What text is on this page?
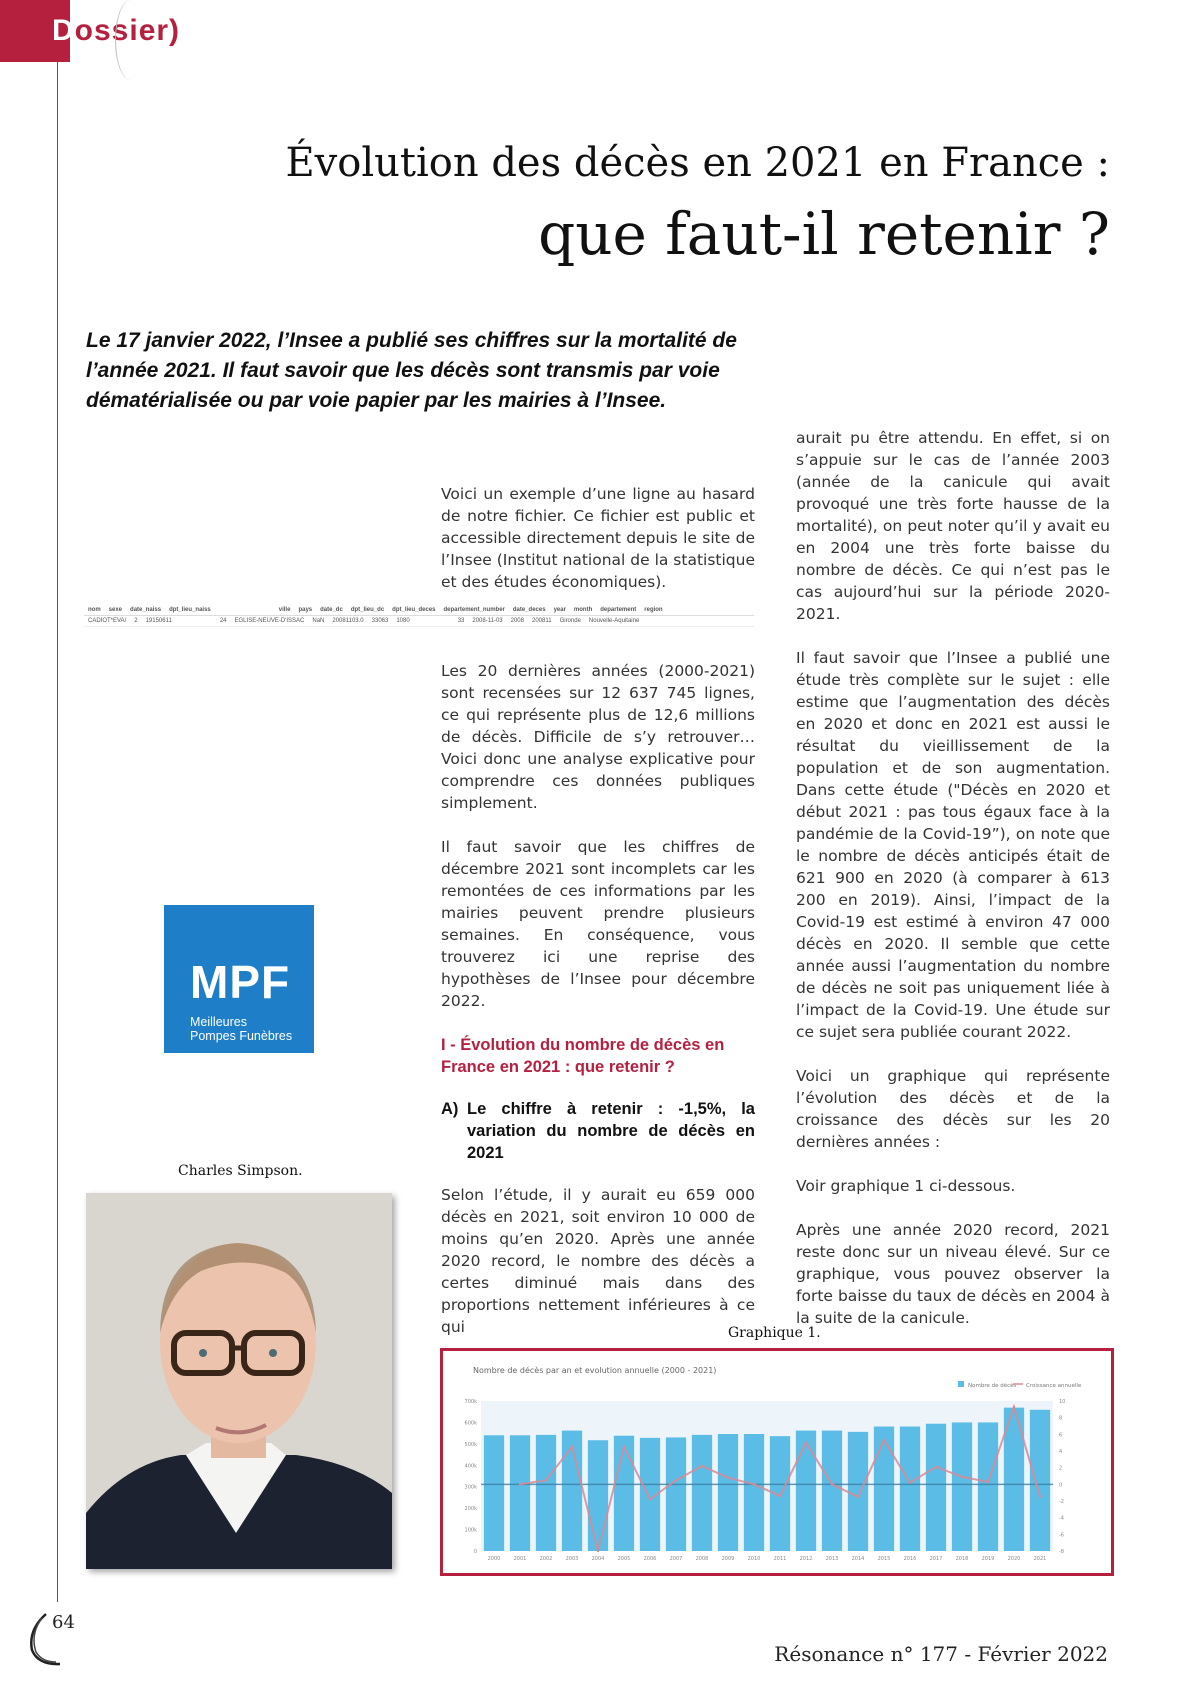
Dossier)
Évolution des décès en 2021 en France :
que faut-il retenir ?
Le 17 janvier 2022, l’Insee a publié ses chiffres sur la mortalité de l’année 2021. Il faut savoir que les décès sont transmis par voie dématérialisée ou par voie papier par les mairies à l’Insee.

Voici un exemple d’une ligne au hasard de notre fichier. Ce fichier est public et accessible directement depuis le site de l’Insee (Institut national de la statistique et des études économiques).

nom sexe date_naiss dpt_lieu_naiss	ville pays date_dc dpt_lieu_dc dpt_lieu_deces departement_number date_deces year month departement region
CADIOT*EVA/ 2 19150611	24 EGLISE-NEUVE-D'ISSAC NaN 20081103.0 33063 1080	33 2008-11-03 2008 200811 Gironde Nouvelle-Aquitaine

Les 20 dernières années (2000-2021) sont recensées sur 12 637 745 lignes, ce qui représente plus de 12,6 millions de décès. Difficile de s’y retrouver… Voici donc une analyse explicative pour comprendre ces données publiques simplement.

Il faut savoir que les chiffres de décembre 2021 sont incomplets car les remontées de ces informations par les mairies peuvent prendre plusieurs semaines. En conséquence, vous trouverez ici une reprise des hypothèses de l’Insee pour décembre 2022.

I - Évolution du nombre de décès en France en 2021 : que retenir ?
A) Le chiffre à retenir : -1,5%, la variation du nombre de décès en 2021

Selon l’étude, il y aurait eu 659 000 décès en 2021, soit environ 10 000 de moins qu’en 2020. Après une année 2020 record, le nombre des décès a certes diminué mais dans des proportions nettement inférieures à ce qui

aurait pu être attendu. En effet, si on s’appuie sur le cas de l’année 2003 (année de la canicule qui avait provoqué une très forte hausse de la mortalité), on peut noter qu’il y avait eu en 2004 une très forte baisse du nombre de décès. Ce qui n’est pas le cas aujourd’hui sur la période 2020-2021.

Il faut savoir que l’Insee a publié une étude très complète sur le sujet : elle estime que l’augmentation des décès en 2020 et donc en 2021 est aussi le résultat du vieillissement de la population et de son augmentation. Dans cette étude ("Décès en 2020 et début 2021 : pas tous égaux face à la pandémie de la Covid-19”), on note que le nombre de décès anticipés était de 621 900 en 2020 (à comparer à 613 200 en 2019). Ainsi, l’impact de la Covid-19 est estimé à environ 47 000 décès en 2020. Il semble que cette année aussi l’augmentation du nombre de décès ne soit pas uniquement liée à l’impact de la Covid-19. Une étude sur ce sujet sera publiée courant 2022.

Voici un graphique qui représente l’évolution des décès et de la croissance des décès sur les 20 dernières années :

Voir graphique 1 ci-dessous.

Après une année 2020 record, 2021 reste donc sur un niveau élevé. Sur ce graphique, vous pouvez observer la forte baisse du taux de décès en 2004 à la suite de la canicule.

MPF
Meilleures
Pompes Funèbres
Charles Simpson.
Graphique 1.
Nombre de décès par an et evolution annuelle (2000 - 2021)
Nombre de décès Croissance annuelle
0
100k
200k
300k
400k
500k
600k
700k
-8
-6
-4
-2
0
2
4
6
8
10
2000	2001	2002	2003	2004	2005	2006	2007	2008	2009	2010	2011	2012	2013	2014	2015	2016	2017	2018	2019	2020	2021
64
Résonance n° 177 - Février 2022
